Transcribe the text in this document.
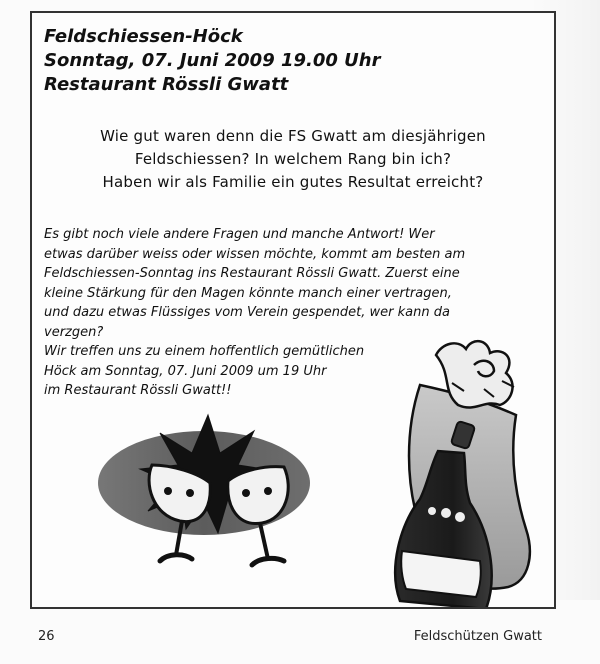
Feldschiessen-Höck
Sonntag, 07. Juni 2009 19.00 Uhr
Restaurant Rössli Gwatt
Wie gut waren denn die FS Gwatt am diesjährigen
Feldschiessen? In welchem Rang bin ich?
Haben wir als Familie ein gutes Resultat erreicht?

Es gibt noch viele andere Fragen und manche Antwort! Wer
etwas darüber weiss oder wissen möchte, kommt am besten am
Feldschiessen-Sonntag ins Restaurant Rössli Gwatt. Zuerst eine
kleine Stärkung für den Magen könnte manch einer vertragen,
und dazu etwas Flüssiges vom Verein gespendet, wer kann da
verzgen?
Wir treffen uns zu einem hoffentlich gemütlichen
Höck am Sonntag, 07. Juni 2009 um 19 Uhr
im Restaurant Rössli Gwatt!!

26	Feldschützen Gwatt
